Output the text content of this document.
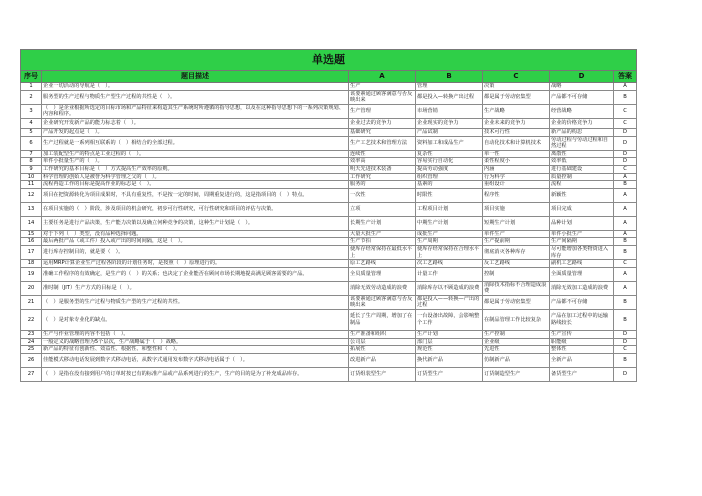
单选题						
序号	题目描述	A	B	C	D	答案
1	企业一切活动的导航是（　）。	生产	管理	决策	战略	A
2	服务型的生产过程与物质生产型生产过程的共性是（　）。	该要素通过顾客满意与否反映出来	都是投入—转换产出过程	都是属于劳动密集型	产品都不可存储	B
3	（　）是企业根据所选定的目标市场和产品特征来构造其生产系统时所遵循的指导思想，以及在这种指导思想下的一系列决策规划、内容和程序。	生产管理	市场营销	生产战略	经营战略	C
4	企业研究开发新产品的能力标志着（　）。	企业过去的竞争力	企业现实的竞争力	企业未来的竞争力	企业的价格竞争力	C
5	产品开发的起点是（　）。	基础研究	产品试制	技术可行性	新产品的构思	D
6	生产过程就是一系列相互联系的（　）相结合的全部过程。	生产工艺技术和管理方法	资料加工和成品生产	自动化技术和计算机技术	劳动过程与劳动过程和自然过程	D
7	加工装配型生产的特点是工业过程的（　）。	连续性	复杂性	单一性	离散性	D
8	单件小批量生产的（　）。	效率高	容易实行自动化	柔性程度小	效率低	D
9	工作研究的基本目标是（　）方式提高生产效率的原则。	明天先进技术装备	提高劳动强度	内涵	进行基础建设	C
10	科学管理的创始人是被誉为科学管理之父的（　）。	工作研究	组织管理	行为科学	质量控制	A
11	流程再造工作的目标是提高作业的标志是（　）。	服务的	基素的	重组设计	流程	B
12	项目在把资源转化为项目成果时，不具有重复性，不是按一定的时间，周期重复进行的，这是指项目的（　）特点。	一次性	时限性	程序性	新颖性	A
13	在项目实施的（　）阶段，涉及项目的机会研究，初步可行性研究，可行性研究和项目的评估与决策。	立项	工程项目计划	项目实施	项目完成	A
14	主要任务是进行产品决策，生产能力决策以及确立何种竞争的决策，这种生产计划是（　）。	长期生产计划	中期生产计划	短期生产计划	品种计划	A
15	对于下列（　）类型，没有品种选择问题。	大量大批生产	成批生产	单件生产	单件小批生产	A
16	最后两批产品（或工件）投入或产出的时间间隔，这是（　）。	生产节拍	生产周期	生产提前期	生产间隔期	B
17	进行库存控制目的，就是要（　）。	使库存经常保持在最低水平上	使库存经常保持在合理水平上	彻底消灭各种库存	尽可能增加各类物资进入库存	B
18	运用MRP计算企业生产过程各阶段的计划任务时，是按照（　）原理进行的。	原工艺路线	次工艺路线	反工艺路线	副机工艺路线	C
19	准确工作程序的有效确定，是生产的（　）的关系；也决定了企业能否在顾问市场长期地提高满足顾客需要的产品。	全员质量管理	计量工作	控制	全面质量管理	A
20	准时制（JIT）生产方式的目标是（　）。	消除无效劳动造成的浪费	消除库存以不顾造成的浪费	消除技术指标不合理造成浪费	消除无效加工造成的浪费	A
21	（　）是服务型的生产过程与物质生产型的生产过程的共性。	该要素通过顾客满意与否反映出来	都是投入——转换—产出的过程	都是属于劳动密集型	产品都不可存储	B
22	（　）是对象专业化的缺点。	延长了生产周期，增加了在制品	一台设备出故障，会影响整个工作	在制品管理工作比较复杂	产品在加工过程中的运输路线较长	B
23	生产与作业管理的内容不包括（　）。	生产准备和组织	生产计划	生产控制	生产宣传	D
24	一般定义的战略管理为5个层次，生产战略属于（　）战略。	公司层	部门层	企业级	职能级	D
25	新产品的特征有创新性、效益性、根据性、和整性和（　）。	拓展性	规范性	先进性	整体性	C
26	佳能模式移动电话发展到数字式移动电话，从数字式通用发布数字式移动电话属于（　）。	改进新产品	换代新产品	仿制新产品	全新产品	B
27	（　）是指在没有接到用户的订单时按已有的标准产品或产品系列进行的生产，生产的目的是为了补充成品库存。	订货组装型生产	订货型生产	订货制造型生产	备货型生产	D
